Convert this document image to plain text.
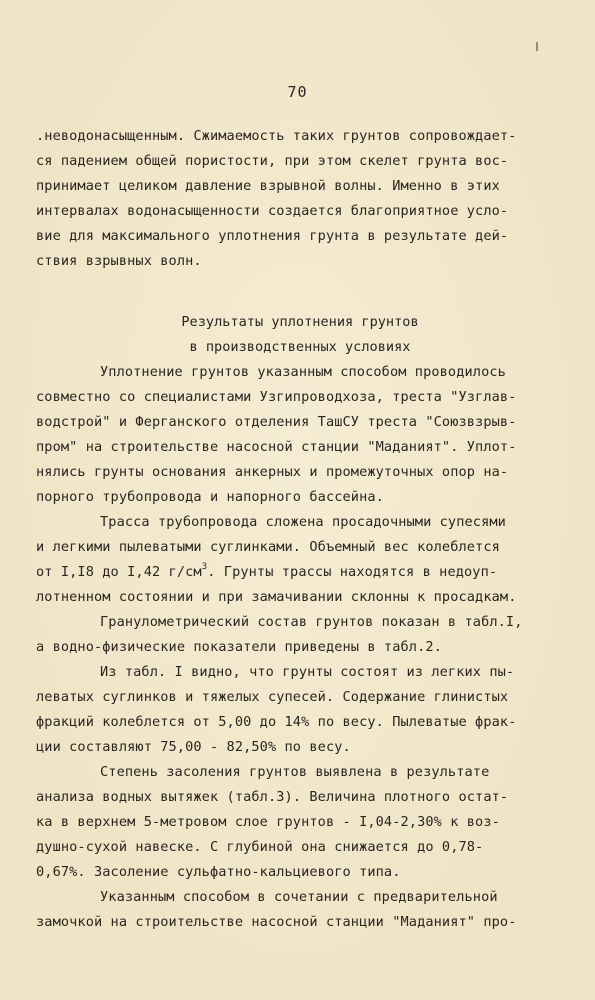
70
.неводонасыщенным. Сжимаемость таких грунтов сопровождает-
ся падением общей пористости, при этом скелет грунта вос-
принимает целиком давление взрывной волны. Именно в этих
интервалах водонасыщенности создается благоприятное усло-
вие для максимального уплотнения грунта в результате дей-
ствия взрывных волн.
Результаты уплотнения грунтов
в производственных условиях
Уплотнение грунтов указанным способом проводилось
совместно со специалистами Узгипроводхоза, треста "Узглав-
водстрой" и Ферганского отделения ТашСУ треста "Союзвзрыв-
пром" на строительстве насосной станции "Маданият". Уплот-
нялись грунты основания анкерных и промежуточных опор на-
порного трубопровода и напорного бассейна.
Трасса трубопровода сложена просадочными супесями
и легкими пылеватыми суглинками. Объемный вес колеблется
от I,I8 до I,42 $г/см^3$. Грунты трассы находятся в недоуп-
лотненном состоянии и при замачивании склонны к просадкам.
Гранулометрический состав грунтов показан в табл.I,
а водно-физические показатели приведены в табл.2.
Из табл. I видно, что грунты состоят из легких пы-
леватых суглинков и тяжелых супесей. Содержание глинистых
фракций колеблется от 5,00 до 14% по весу. Пылеватые фрак-
ции составляют 75,00 - 82,50% по весу.
Степень засоления грунтов выявлена в результате
анализа водных вытяжек (табл.3). Величина плотного остат-
ка в верхнем 5-метровом слое грунтов - I,04-2,30% к воз-
душно-сухой навеске. С глубиной она снижается до 0,78-
0,67%. Засоление сульфатно-кальциевого типа.
Указанным способом в сочетании с предварительной
замочкой на строительстве насосной станции "Маданият" про-
